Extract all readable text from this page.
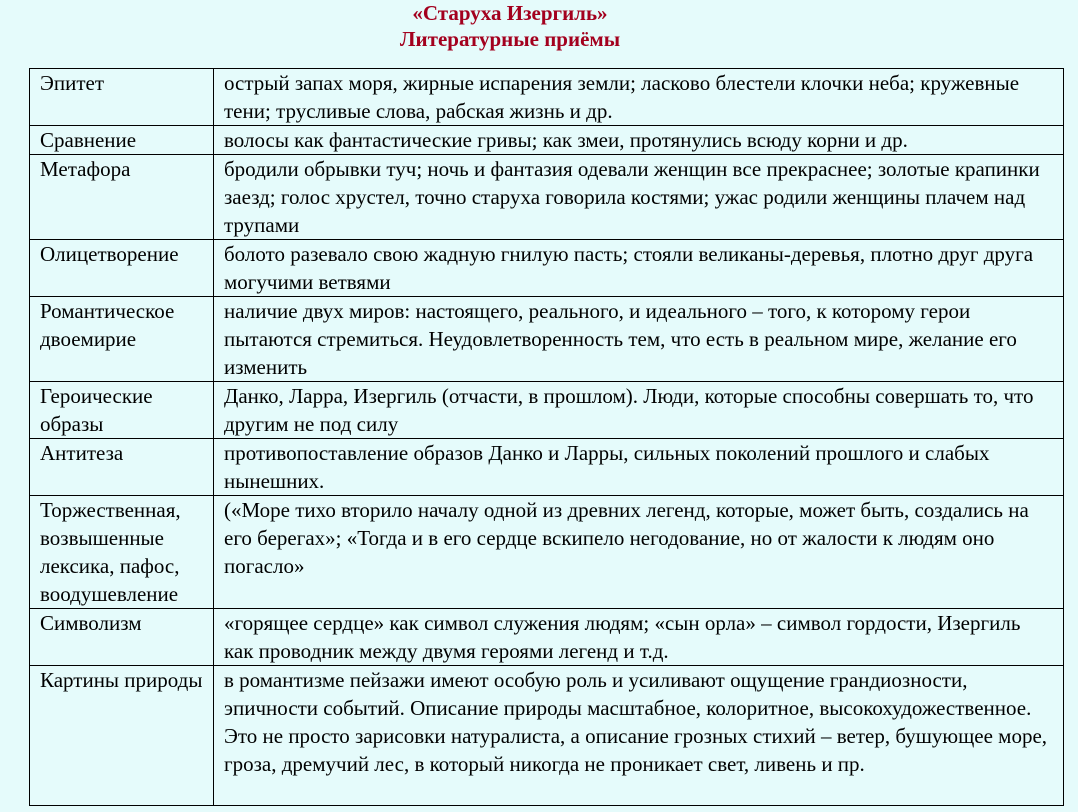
«Старуха Изергиль»
Литературные приёмы
Эпитет	острый запах моря, жирные испарения земли; ласково блестели клочки неба; кружевные тени; трусливые слова, рабская жизнь и др.
Сравнение	волосы как фантастические гривы; как змеи, протянулись всюду корни и др.
Метафора	бродили обрывки туч; ночь и фантазия одевали женщин все прекраснее; золотые крапинки заезд; голос хрустел, точно старуха говорила костями; ужас родили женщины плачем над трупами
Олицетворение	болото разевало свою жадную гнилую пасть; стояли великаны-деревья, плотно друг друга могучими ветвями
Романтическое двоемирие	наличие двух миров: настоящего, реального, и идеального – того, к которому герои пытаются стремиться. Неудовлетворенность тем, что есть в реальном мире, желание его изменить
Героические образы	Данко, Ларра, Изергиль (отчасти, в прошлом). Люди, которые способны совершать то, что другим не под силу
Антитеза	противопоставление образов Данко и Ларры, сильных поколений прошлого и слабых нынешних.
Торжественная, возвышенные лексика, пафос, воодушевление	(«Море тихо вторило началу одной из древних легенд, которые, может быть, создались на его берегах»; «Тогда и в его сердце вскипело негодование, но от жалости к людям оно погасло»
Символизм	«горящее сердце» как символ служения людям; «сын орла» – символ гордости, Изергиль как проводник между двумя героями легенд и т.д.
Картины природы	в романтизме пейзажи имеют особую роль и усиливают ощущение грандиозности, эпичности событий. Описание природы масштабное, колоритное, высокохудожественное. Это не просто зарисовки натуралиста, а описание грозных стихий – ветер, бушующее море, гроза, дремучий лес, в который никогда не проникает свет, ливень и пр.
